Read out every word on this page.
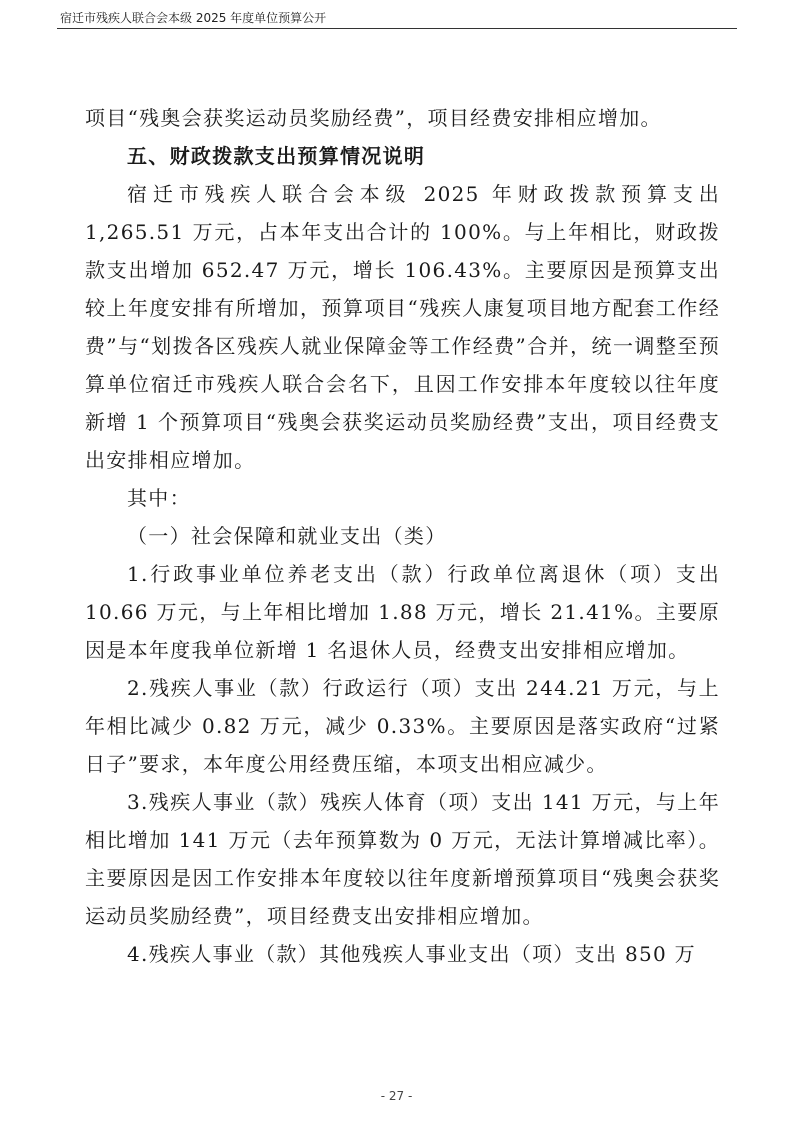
宿迁市残疾人联合会本级 2025 年度单位预算公开

项目“残奥会获奖运动员奖励经费”，项目经费安排相应增加。

五、财政拨款支出预算情况说明

宿迁市残疾人联合会本级 2025 年财政拨款预算支出 1,265.51 万元，占本年支出合计的 100%。与上年相比，财政拨款支出增加 652.47 万元，增长 106.43%。主要原因是预算支出较上年度安排有所增加，预算项目“残疾人康复项目地方配套工作经费”与“划拨各区残疾人就业保障金等工作经费”合并，统一调整至预算单位宿迁市残疾人联合会名下，且因工作安排本年度较以往年度新增 1 个预算项目“残奥会获奖运动员奖励经费”支出，项目经费支出安排相应增加。

其中：

（一）社会保障和就业支出（类）

1.行政事业单位养老支出（款）行政单位离退休（项）支出 10.66 万元，与上年相比增加 1.88 万元，增长 21.41%。主要原因是本年度我单位新增 1 名退休人员，经费支出安排相应增加。

2.残疾人事业（款）行政运行（项）支出 244.21 万元，与上年相比减少 0.82 万元，减少 0.33%。主要原因是落实政府“过紧日子”要求，本年度公用经费压缩，本项支出相应减少。

3.残疾人事业（款）残疾人体育（项）支出 141 万元，与上年相比增加 141 万元（去年预算数为 0 万元，无法计算增减比率）。主要原因是因工作安排本年度较以往年度新增预算项目“残奥会获奖运动员奖励经费”，项目经费支出安排相应增加。

4.残疾人事业（款）其他残疾人事业支出（项）支出 850 万

- 27 -
